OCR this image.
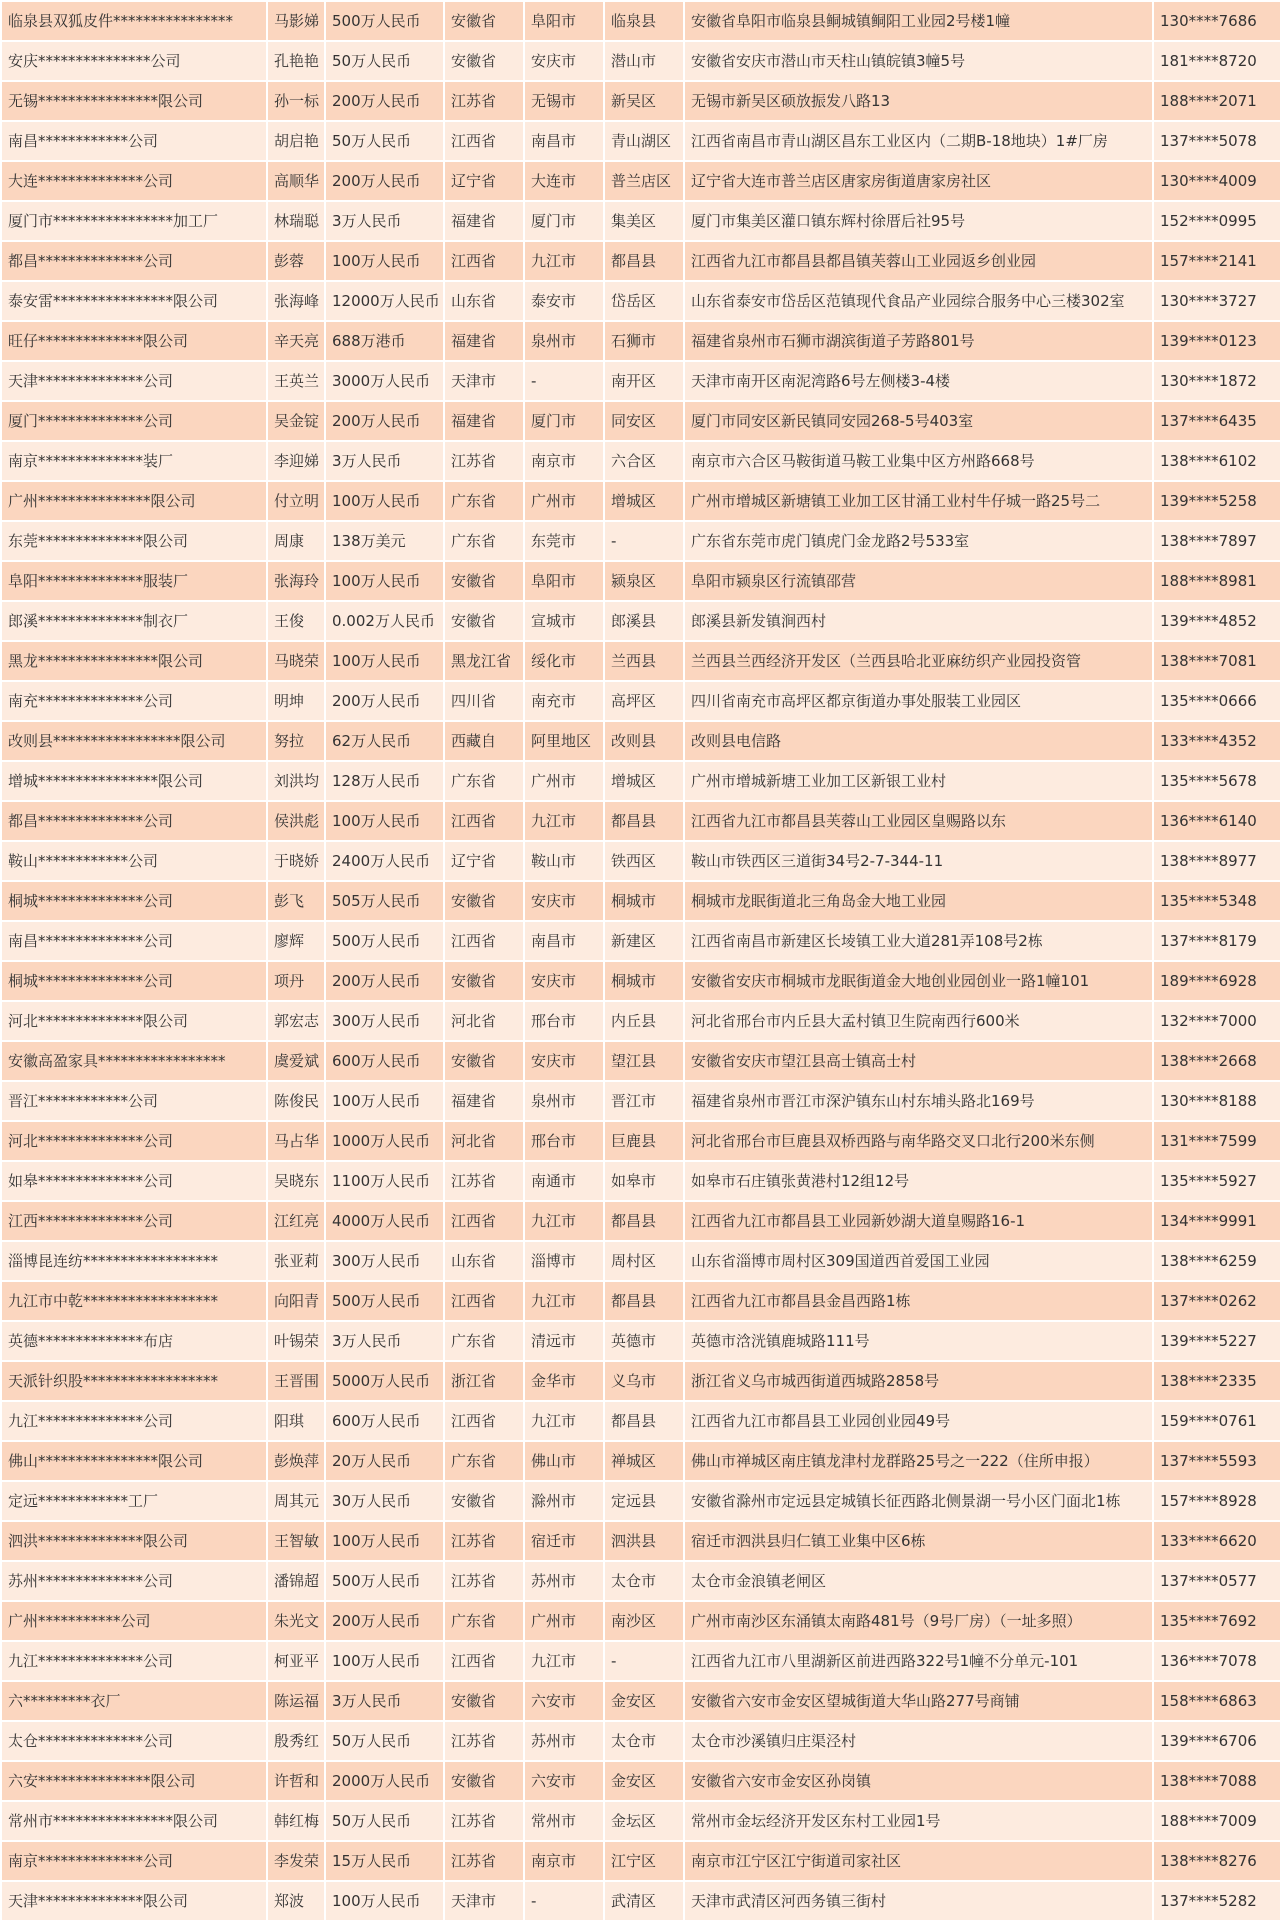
临泉县双狐皮件****************	马影娣	500万人民币	安徽省	阜阳市	临泉县	安徽省阜阳市临泉县鲖城镇鲖阳工业园2号楼1幢	130****7686
安庆***************公司	孔艳艳	50万人民币	安徽省	安庆市	潜山市	安徽省安庆市潜山市天柱山镇皖镇3幢5号	181****8720
无锡****************限公司	孙一标	200万人民币	江苏省	无锡市	新吴区	无锡市新吴区硕放振发八路13	188****2071
南昌************公司	胡启艳	50万人民币	江西省	南昌市	青山湖区	江西省南昌市青山湖区昌东工业区内（二期B-18地块）1#厂房	137****5078
大连**************公司	高顺华	200万人民币	辽宁省	大连市	普兰店区	辽宁省大连市普兰店区唐家房街道唐家房社区	130****4009
厦门市****************加工厂	林瑞聪	3万人民币	福建省	厦门市	集美区	厦门市集美区灌口镇东辉村徐厝后社95号	152****0995
都昌**************公司	彭蓉	100万人民币	江西省	九江市	都昌县	江西省九江市都昌县都昌镇芙蓉山工业园返乡创业园	157****2141
泰安雷****************限公司	张海峰	12000万人民币	山东省	泰安市	岱岳区	山东省泰安市岱岳区范镇现代食品产业园综合服务中心三楼302室	130****3727
旺仔**************限公司	辛天亮	688万港币	福建省	泉州市	石狮市	福建省泉州市石狮市湖滨街道子芳路801号	139****0123
天津**************公司	王英兰	3000万人民币	天津市	-	南开区	天津市南开区南泥湾路6号左侧楼3-4楼	130****1872
厦门**************公司	吴金锭	200万人民币	福建省	厦门市	同安区	厦门市同安区新民镇同安园268-5号403室	137****6435
南京**************装厂	李迎娣	3万人民币	江苏省	南京市	六合区	南京市六合区马鞍街道马鞍工业集中区方州路668号	138****6102
广州***************限公司	付立明	100万人民币	广东省	广州市	增城区	广州市增城区新塘镇工业加工区甘涌工业村牛仔城一路25号二	139****5258
东莞**************限公司	周康	138万美元	广东省	东莞市	-	广东省东莞市虎门镇虎门金龙路2号533室	138****7897
阜阳**************服装厂	张海玲	100万人民币	安徽省	阜阳市	颍泉区	阜阳市颍泉区行流镇邵营	188****8981
郎溪**************制衣厂	王俊	0.002万人民币	安徽省	宣城市	郎溪县	郎溪县新发镇涧西村	139****4852
黑龙****************限公司	马晓荣	100万人民币	黑龙江省	绥化市	兰西县	兰西县兰西经济开发区（兰西县哈北亚麻纺织产业园投资管	138****7081
南充**************公司	明坤	200万人民币	四川省	南充市	高坪区	四川省南充市高坪区都京街道办事处服装工业园区	135****0666
改则县*****************限公司	努拉	62万人民币	西藏自	阿里地区	改则县	改则县电信路	133****4352
增城****************限公司	刘洪均	128万人民币	广东省	广州市	增城区	广州市增城新塘工业加工区新银工业村	135****5678
都昌**************公司	侯洪彪	100万人民币	江西省	九江市	都昌县	江西省九江市都昌县芙蓉山工业园区皇赐路以东	136****6140
鞍山************公司	于晓娇	2400万人民币	辽宁省	鞍山市	铁西区	鞍山市铁西区三道街34号2-7-344-11	138****8977
桐城**************公司	彭飞	505万人民币	安徽省	安庆市	桐城市	桐城市龙眠街道北三角岛金大地工业园	135****5348
南昌**************公司	廖辉	500万人民币	江西省	南昌市	新建区	江西省南昌市新建区长堎镇工业大道281弄108号2栋	137****8179
桐城**************公司	项丹	200万人民币	安徽省	安庆市	桐城市	安徽省安庆市桐城市龙眠街道金大地创业园创业一路1幢101	189****6928
河北**************限公司	郭宏志	300万人民币	河北省	邢台市	内丘县	河北省邢台市内丘县大孟村镇卫生院南西行600米	132****7000
安徽高盈家具*****************	虞爱斌	600万人民币	安徽省	安庆市	望江县	安徽省安庆市望江县高士镇高士村	138****2668
晋江************公司	陈俊民	100万人民币	福建省	泉州市	晋江市	福建省泉州市晋江市深沪镇东山村东埔头路北169号	130****8188
河北**************公司	马占华	1000万人民币	河北省	邢台市	巨鹿县	河北省邢台市巨鹿县双桥西路与南华路交叉口北行200米东侧	131****7599
如皋**************公司	吴晓东	1100万人民币	江苏省	南通市	如皋市	如皋市石庄镇张黄港村12组12号	135****5927
江西**************公司	江红亮	4000万人民币	江西省	九江市	都昌县	江西省九江市都昌县工业园新妙湖大道皇赐路16-1	134****9991
淄博昆连纺******************	张亚莉	300万人民币	山东省	淄博市	周村区	山东省淄博市周村区309国道西首爱国工业园	138****6259
九江市中乾******************	向阳青	500万人民币	江西省	九江市	都昌县	江西省九江市都昌县金昌西路1栋	137****0262
英德**************布店	叶锡荣	3万人民币	广东省	清远市	英德市	英德市浛洸镇鹿城路111号	139****5227
天派针织股******************	王晋围	5000万人民币	浙江省	金华市	义乌市	浙江省义乌市城西街道西城路2858号	138****2335
九江**************公司	阳琪	600万人民币	江西省	九江市	都昌县	江西省九江市都昌县工业园创业园49号	159****0761
佛山****************限公司	彭焕萍	20万人民币	广东省	佛山市	禅城区	佛山市禅城区南庄镇龙津村龙群路25号之一222（住所申报）	137****5593
定远************工厂	周其元	30万人民币	安徽省	滁州市	定远县	安徽省滁州市定远县定城镇长征西路北侧景湖一号小区门面北1栋	157****8928
泗洪**************限公司	王智敏	100万人民币	江苏省	宿迁市	泗洪县	宿迁市泗洪县归仁镇工业集中区6栋	133****6620
苏州**************公司	潘锦超	500万人民币	江苏省	苏州市	太仓市	太仓市金浪镇老闸区	137****0577
广州***********公司	朱光文	200万人民币	广东省	广州市	南沙区	广州市南沙区东涌镇太南路481号（9号厂房）（一址多照）	135****7692
九江**************公司	柯亚平	100万人民币	江西省	九江市	-	江西省九江市八里湖新区前进西路322号1幢不分单元-101	136****7078
六*********衣厂	陈运福	3万人民币	安徽省	六安市	金安区	安徽省六安市金安区望城街道大华山路277号商铺	158****6863
太仓**************公司	殷秀红	50万人民币	江苏省	苏州市	太仓市	太仓市沙溪镇归庄渠泾村	139****6706
六安***************限公司	许哲和	2000万人民币	安徽省	六安市	金安区	安徽省六安市金安区孙岗镇	138****7088
常州市****************限公司	韩红梅	50万人民币	江苏省	常州市	金坛区	常州市金坛经济开发区东村工业园1号	188****7009
南京**************公司	李发荣	15万人民币	江苏省	南京市	江宁区	南京市江宁区江宁街道司家社区	138****8276
天津**************限公司	郑波	100万人民币	天津市	-	武清区	天津市武清区河西务镇三街村	137****5282
